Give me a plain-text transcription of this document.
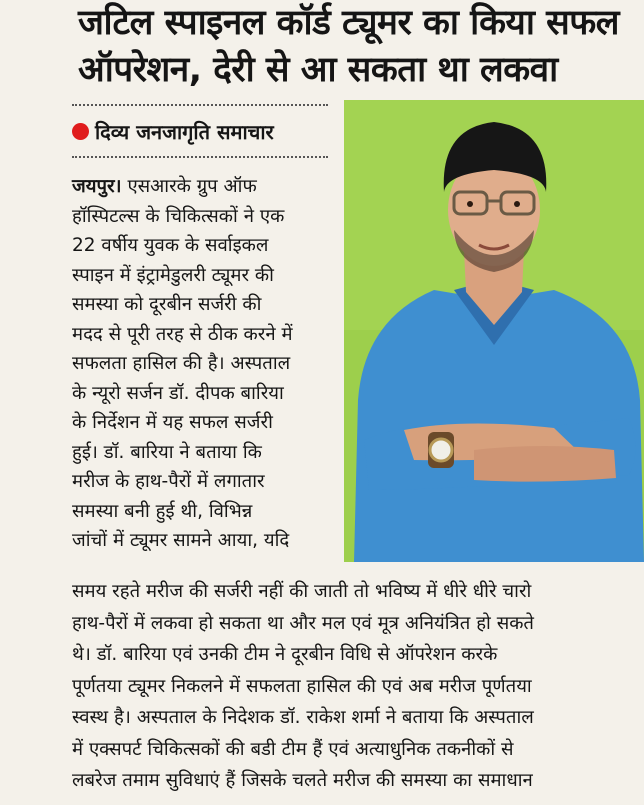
जटिल स्पाइनल कॉर्ड ट्यूमर का किया सफल
ऑपरेशन, देरी से आ सकता था लकवा
दिव्य जनजागृति समाचार
जयपुर। एसआरके ग्रुप ऑफ
हॉस्पिटल्स के चिकित्सकों ने एक
22 वर्षीय युवक के सर्वाइकल
स्पाइन में इंट्रामेडुलरी ट्यूमर की
समस्या को दूरबीन सर्जरी की
मदद से पूरी तरह से ठीक करने में
सफलता हासिल की है। अस्पताल
के न्यूरो सर्जन डॉ. दीपक बारिया
के निर्देशन में यह सफल सर्जरी
हुई। डॉ. बारिया ने बताया कि
मरीज के हाथ-पैरों में लगातार
समस्या बनी हुई थी, विभिन्न
जांचों में ट्यूमर सामने आया, यदि
समय रहते मरीज की सर्जरी नहीं की जाती तो भविष्य में धीरे धीरे चारो
हाथ-पैरों में लकवा हो सकता था और मल एवं मूत्र अनियंत्रित हो सकते
थे। डॉ. बारिया एवं उनकी टीम ने दूरबीन विधि से ऑपरेशन करके
पूर्णतया ट्यूमर निकलने में सफलता हासिल की एवं अब मरीज पूर्णतया
स्वस्थ है। अस्पताल के निदेशक डॉ. राकेश शर्मा ने बताया कि अस्पताल
में एक्सपर्ट चिकित्सकों की बडी टीम हैं एवं अत्याधुनिक तकनीकों से
लबरेज तमाम सुविधाएं हैं जिसके चलते मरीज की समस्या का समाधान
